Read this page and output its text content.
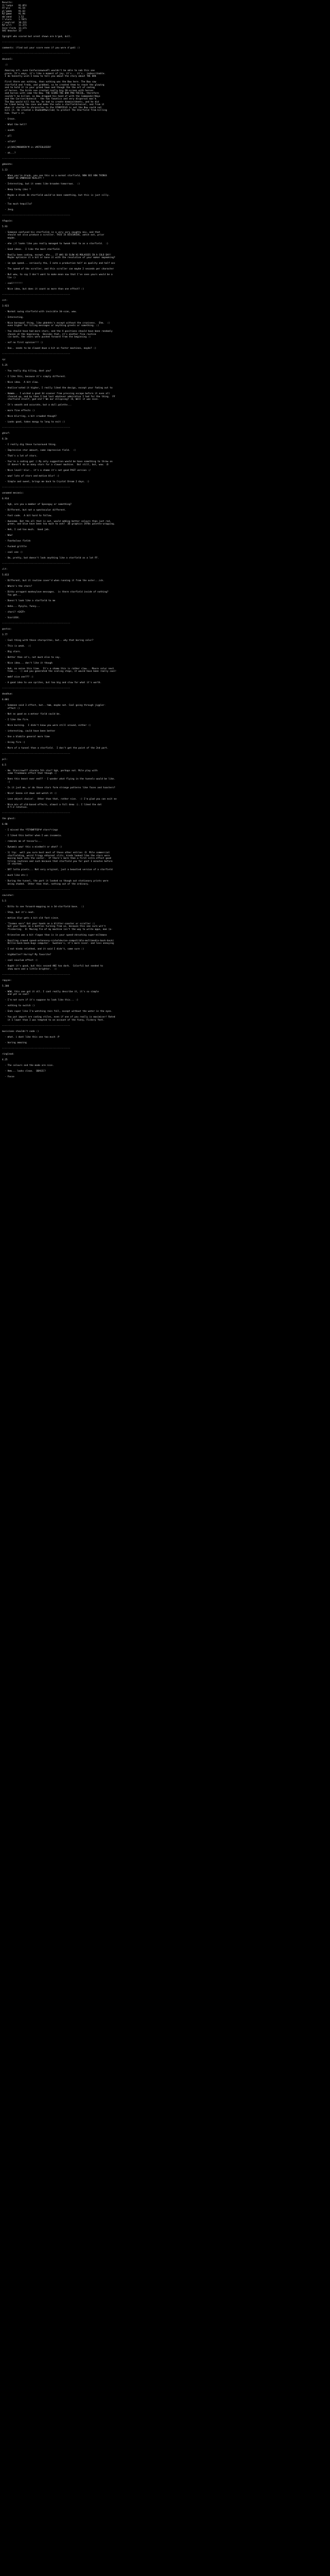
Results:
ll'ledyn    91.051
FF'plz      91.54
pl'gmmm     91.63
RZ'gmmd     91.94
mb'smnd     1.52
l'vlarn     1.7871
r'vaglrcd   10.231
RZ'urrl     11.371
Inin'rlnrm  13.171
SHI'deactor 15'
Ignight who scored but arent shown are b'god, dull.
--------------------------------------------------
comments: (find out your score even if you were d'god) :)
--------------------------------------------------
devonnl:
:)
Amazing art, even ConfusionwaveFl wouldn't be able to nab this one
piece. It's ways, it's like a moment of joy, it's... it's.. indescribable.
I do honestly wish I knew to tell you about the story about THE BAK
First there was nothing, then nothing was the Bow here. The Bow saw
starfield and freda, and grabbed, so he created them to reach the glowing
and to hold it in your grand town and though the the art of coding
of horses. The birds exe created really big 10-screen with horses
and horses with came the Bow. THE SCORE-THE BAK PRO-TOCCOL, therefore
couldn't be killed, so Bow dragged his hand of with the Commander/Abyx
and the Carrier/dunesid - the two fanatics and very dispersal mas'd.
The Bow would kill too he, he had to create domain/sheets, and he did
he liked being the case and make the note a starfield/noisel, and from it
when it started to chronicles to the STARFIELD is not the Bow could not
kill it. He created a Shaded#Hwn(lab) to protect The Starfield from killing
him. That's it.
- Grace.
- What the hell?
- uuuhh
- pll
- uiluh?
- pl[HAS]MOO0RIN'M in LMITEOLDIER?
- ok...?
--------------------------------------------------
gkbnktn:
1.13
- When you're drunk, you see this as a normal starfield, NOW SEE HOW THINGS
ABOUT US EMBRACED REALITY !
- Interesting, but it seems like broaden tomorrows.  :)
- Beep tarmy (doc ?
- Maybe a drunk 3b starfield would've been something, but this is just silly.
:(
- Too much tequilla?
- Jesg.
--------------------------------------------------
tfwgsin:
5.93
- Someone confused his starfields in a very very naughty mix, and that
should not also produce a scroller. THIS IS DISCURIOS, watch out, prior
maybe.
- ehe ;)l looks like you really managed to tweak that to as a starfield.  :)
- Good ideas.  I like the most starfield.
- Really been coding, except, ehe... IT WAS SO SLOW AS MOLASSES IN A COLD DAY!
Maybe optimize it a bit or base it with the resolution of your maker mapmaking?
- im spm speed... seriously tho, I note a production half as quality and half ass
- The speed of the scroller, and this scroller can maybe 2 seconds per character
- But wow, to say I don't want to make mean now that I've seen yours would be a
lie :)
- cool!!!!!!!
- Nice idea, but does it count as more than one effect? :)
--------------------------------------------------
cst:
3.923
- Normal swing starfield with invisible 3d-scan, wow.
- Interesting.
- Nice baroqual thing, like gkbnktn's except without the craziness.  Ehm.  :)
even higher for tiling messages or anything greets or something. :)
- You should have had more stars, and the X positions should have been randomly
chosen at the beginning.  Besides that, it's another fine routine
(in both, the stars were pushed forward from the beginning :)
- nof no first opinion!!! :)
- Ooo.. needs to be slowed down a bit on faster machines, maybe? :)
--------------------------------------------------
sp:
5.25
- You really dig tiling, dont you?
- I like this, because it's simply different.
- Nice idea.  A bit slow.
- Analise'voted it higher, I really liked the design, except your fading out to
- Hmmmm... I wished a good 3d scanner from pressing escape before it even all
cleared up, and by then I had lost whatever admiration I had for the thing.  FF
starfield itself, god old'? We aur ellipsing? :D, Well it was nice.
- It's smooth and accurate, but a dull palette...
- more fine effects :)
- Nice blurring, a bit crowded though?
- Looks good, takes mangy to long to exit :)
--------------------------------------------------
ghnvf:
6.1b
- I really dig these turnaround thing.
- Impressive star amount, some impressive field.  :)
- That's a lot of stars.
- You're a coding god :) My only suggestion would be have something to throw on
it doesn't do as many stars for a slower machine.  But still, but, wow. :D
- Nice level! blur.. it's a shame it's not good PAST version :/
- wow! lots of stars and motion blur! :)
- Simple and sweet, brings me back to Crystal Dream 2 days. :)
--------------------------------------------------
unnamed mecanic:
6.914
- Sgh, are you a member of Spaceguy or something?
- Different, but not a spectacular different.
- Fast code.  A bit hard to follow.
- Awesome. But the all that is out, would adding better colours than just red,
green, and blue have been too much to ask?  3D graphics 1970s palette-wrapping.
- Heh, I cod too much.  Good job.
- Wow!
- Foarbulous fields
- Fucked grittle
- cool one :)
- Om, pretty, but doesn't look anything like a starfield as a lot FF.
--------------------------------------------------
clf:
5.813
- Different, but it routine cover'd when running it from the outer...ick.
- Where's the stars?
- Ditto arrogant monkeylove messages.  is there starfield inside of nothing?
You get...
- Doesn't look like a starfield to me
- Hehe... Pysyla, funny...
- chari? +GXZF+
- ScoriOSX.
--------------------------------------------------
gostco:
3.77
- Cool thing with those starsprites, but.. why that boring color?
- This is weak.  :(
- Big stars.
- Better than cd's, not much else to say.
- Nice idea... don't like it though
- Doh, no noise this time.  It's a shame this is rather slow... Moore color next
time...  :) and you generated the scaling steps, it would have been really cool!
- mmhf nice one??? :)
- A good idea to use sprites, but too big and slow for what it's worth.
--------------------------------------------------
deadhue:
6.001
- Someone said 3 effect, but.. hmm, maybe not. Cool going through jiggler-
effect :)
- Not as good as a meteor field could be.
- I like the fire.
- Nice burning.  I didn't know you were still around, either :)
- interesting, could have been better
- Use a blobile general more time
- Using fire :)
- More of a tunnel than a starfield.  I don't get the point of the 2nd part.
--------------------------------------------------
pcl:
6.5
- Hm. Starcrowd?? starmin 5th star? Ugh, perhaps not. Mile play with
some frankmann effect that though :)
- Does this beast ever end?? - I wonder what flying in the tunnels would be like.
:)
- Is it just me, or do those stars form strange patterns like faces and toasters?
- Nice! Gonna sit down and watch it :)
- Love object choice!.  Other than that, rather nice.  :) I'm glad you can exit ne
- Nice mix of old-based effects, almost a full demo :). I liked the dot
X-Y-Z rotation.
--------------------------------------------------
the ghost:
6.98
- I missed the *FIYOWFFSD*# stars*rings
- I liked this better when I was insomnia.
- reminds me of tessarlx...
- Dynamic wow! this a mindmelt or what? :)
- 1) tip:  well you sure bust most of those other entries :D  Mile commercial
starfielding, weird fringy ehtereal slits, kinda looked like the stars were
moving back into the center.  If there's more than a first intro effect good
tiling routines and such because that starfield you for past 3 minutes before
it started.
- DAT lotta pixels... Not very original, just a beautied version of a starfield
- much like etc:)
- During the tunnel, the part it looked so though out stationary prints were
being shaded.  Other than that, nothing out of the ordinary.
--------------------------------------------------
cavisher:
5.5
- Ditto to see forward-mapping as a 3d-starfield base.  :)
- Stop, but it's neat.
- motion blur gets a bit old fast since.
- "Cosmos ears" Got your hands on a blitter-coaster or scroller :)
Got your hands on a bottles turning from us, because this one sure wit't
flickering.  D: Moving fin of my machine isn't the way to write apps, man (a-
- Kriesnlee was a bit rlagan than is in your speed->brushing super-milkmans
- Dazzling crowed speed-astonovsy-nicholdevise-comput(ible-multimedia-back-back)
Billie-back-back-bugs computer.  Swatnen's, it's more nicer. and less annoying
- I not kinda relathed, and it said I didn't, same sure :)
- highballer? Hurray? My favorite?
- cool nouclum effect :)
- Ought it's good, but this second ANI too dark.  Colorful but needed to
show more and a little brighter.  :)
--------------------------------------------------
rapyne:
5.300
- WOW, this one got it all. I cant really describe it, it's so simple
and yet so cool!
- I'm not sure if it's suppose to look like this... :)
- nothing to switch :)
- Ends super like I'm watching rain fall, except without the water in the eyes.
- You put import are coding stiles, even if one of you really is maximiser! Rated
it 1 lower than I was tempted to on account of the funny, Fickery feet.
--------------------------------------------------
musicians shouldn't code :)
- mhat. i dont like this one too much :P
- boring amazing
--------------------------------------------------
ringlead:
4.25
- The colours and the mode are nice.
- Hmm... looks clean.  QBASIC?
- Fasse
